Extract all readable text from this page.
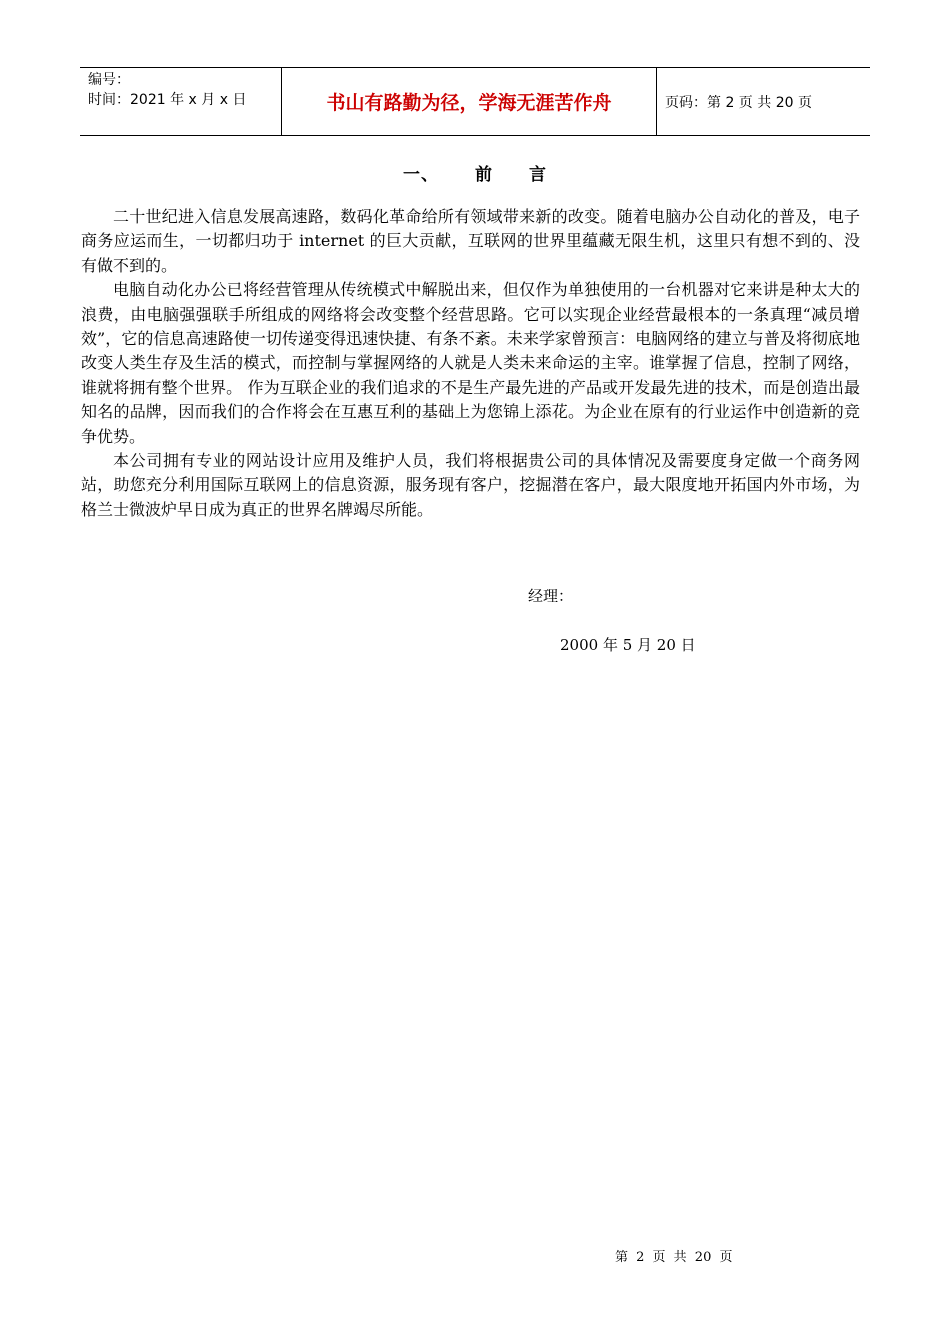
编号：
时间：2021 年 x 月 x 日	书山有路勤为径，学海无涯苦作舟	页码：第 2 页 共 20 页
一、 前 言

二十世纪进入信息发展高速路，数码化革命给所有领域带来新的改变。随着电脑办公自动化的普及，电子商务应运而生，一切都归功于 internet 的巨大贡献，互联网的世界里蕴藏无限生机，这里只有想不到的、没有做不到的。

电脑自动化办公已将经营管理从传统模式中解脱出来，但仅作为单独使用的一台机器对它来讲是种太大的浪费，由电脑强强联手所组成的网络将会改变整个经营思路。它可以实现企业经营最根本的一条真理“减员增效”，它的信息高速路使一切传递变得迅速快捷、有条不紊。未来学家曾预言：电脑网络的建立与普及将彻底地改变人类生存及生活的模式，而控制与掌握网络的人就是人类未来命运的主宰。谁掌握了信息，控制了网络，谁就将拥有整个世界。 作为互联企业的我们追求的不是生产最先进的产品或开发最先进的技术，而是创造出最知名的品牌，因而我们的合作将会在互惠互利的基础上为您锦上添花。为企业在原有的行业运作中创造新的竞争优势。

本公司拥有专业的网站设计应用及维护人员，我们将根据贵公司的具体情况及需要度身定做一个商务网站，助您充分利用国际互联网上的信息资源，服务现有客户，挖掘潜在客户，最大限度地开拓国内外市场，为格兰士微波炉早日成为真正的世界名牌竭尽所能。

经理：
2000 年 5 月 20 日
第 2 页 共 20 页
